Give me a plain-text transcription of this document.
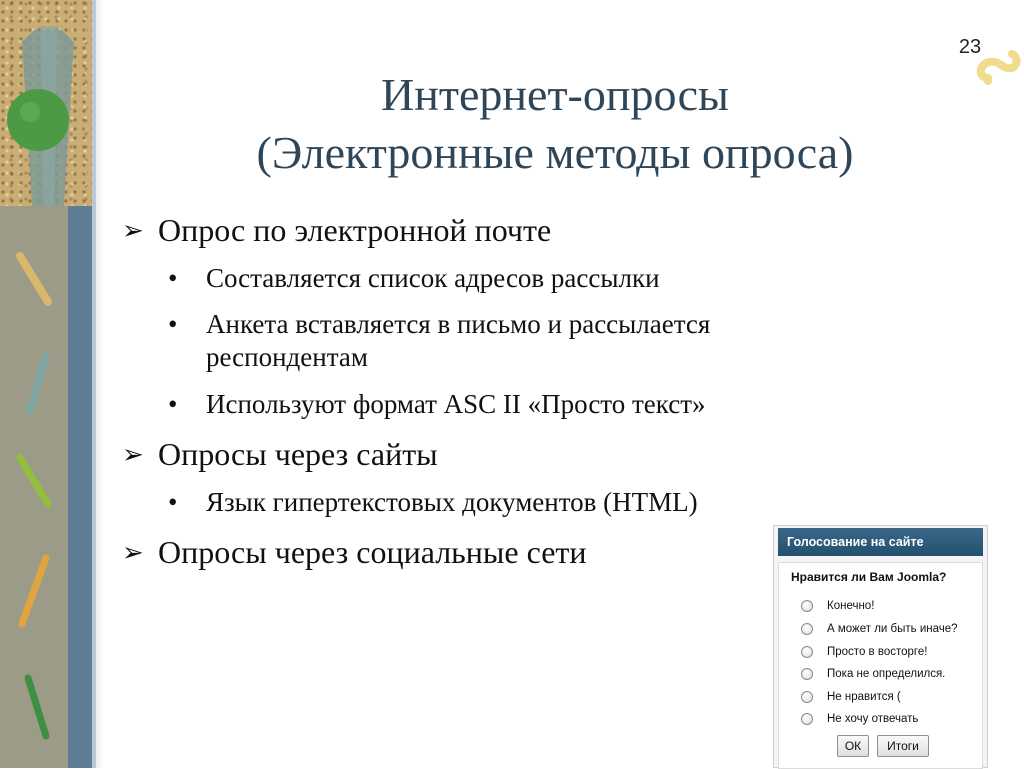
23
Интернет-опросы
(Электронные методы опроса)
➢ Опрос по электронной почте
• Составляется список адресов рассылки
• Анкета вставляется в письмо и рассылается
респондентам
• Используют формат ASC II «Просто текст»
➢ Опросы через сайты
• Язык гипертекстовых документов (HTML)
➢ Опросы через социальные сети	Голосование на сайте
Нравится ли Вам Joomla?
Конечно!
А может ли быть иначе?
Просто в восторге!
Пока не определился.
Не нравится (
Не хочу отвечать
ОК	Итоги
